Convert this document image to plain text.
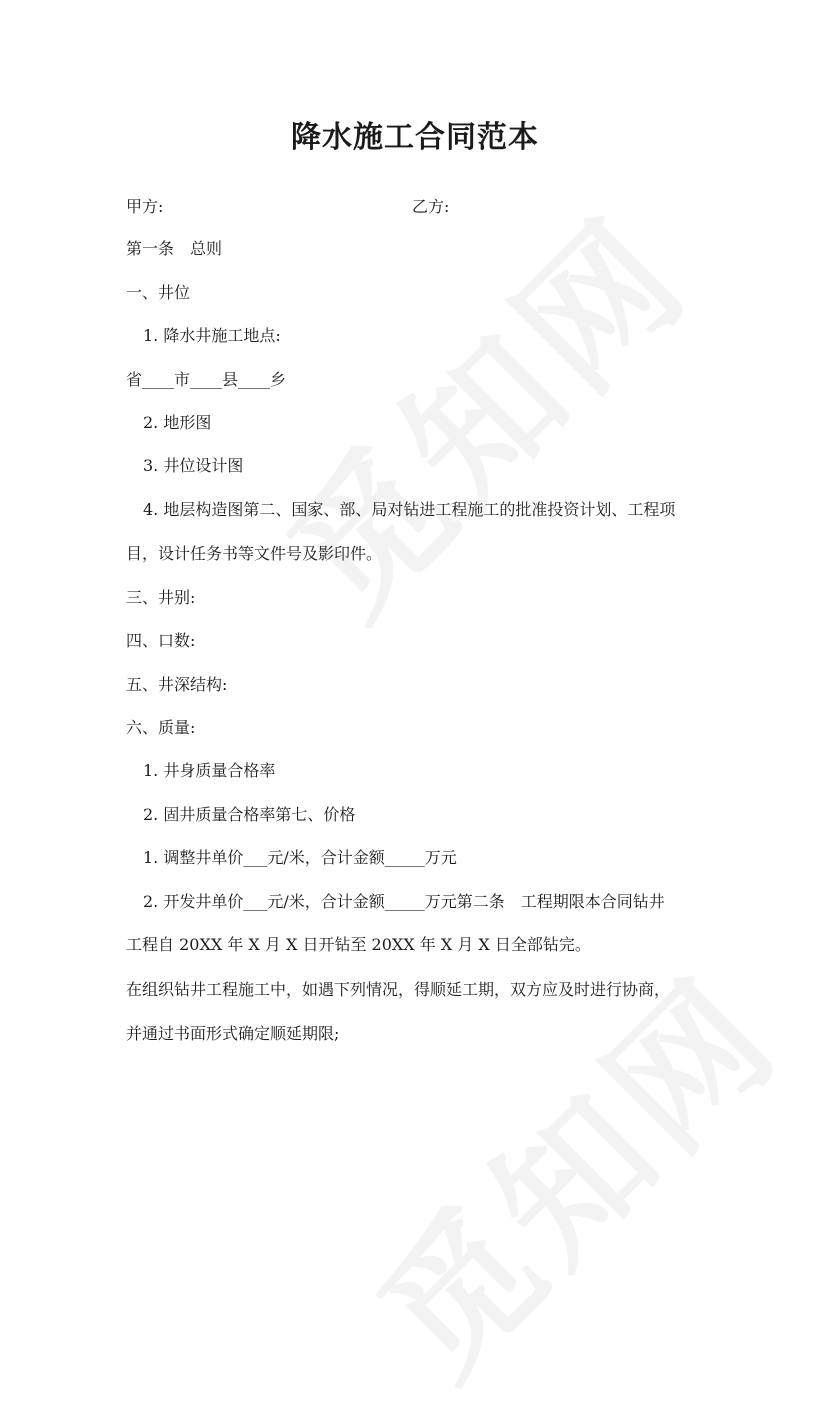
降水施工合同范本
甲方:	乙方:
第一条　总则
一、井位
1. 降水井施工地点:
省____市____县____乡
2. 地形图
3. 井位设计图
4. 地层构造图第二、国家、部、局对钻进工程施工的批准投资计划、工程项
目，设计任务书等文件号及影印件。
三、井别:
四、口数:
五、井深结构:
六、质量:
1. 井身质量合格率
2. 固井质量合格率第七、价格
1. 调整井单价___元/米，合计金额_____万元
2. 开发井单价___元/米，合计金额_____万元第二条　工程期限本合同钻井
工程自 20XX 年 X 月 X 日开钻至 20XX 年 X 月 X 日全部钻完。
在组织钻井工程施工中，如遇下列情况，得顺延工期，双方应及时进行协商，
并通过书面形式确定顺延期限;
